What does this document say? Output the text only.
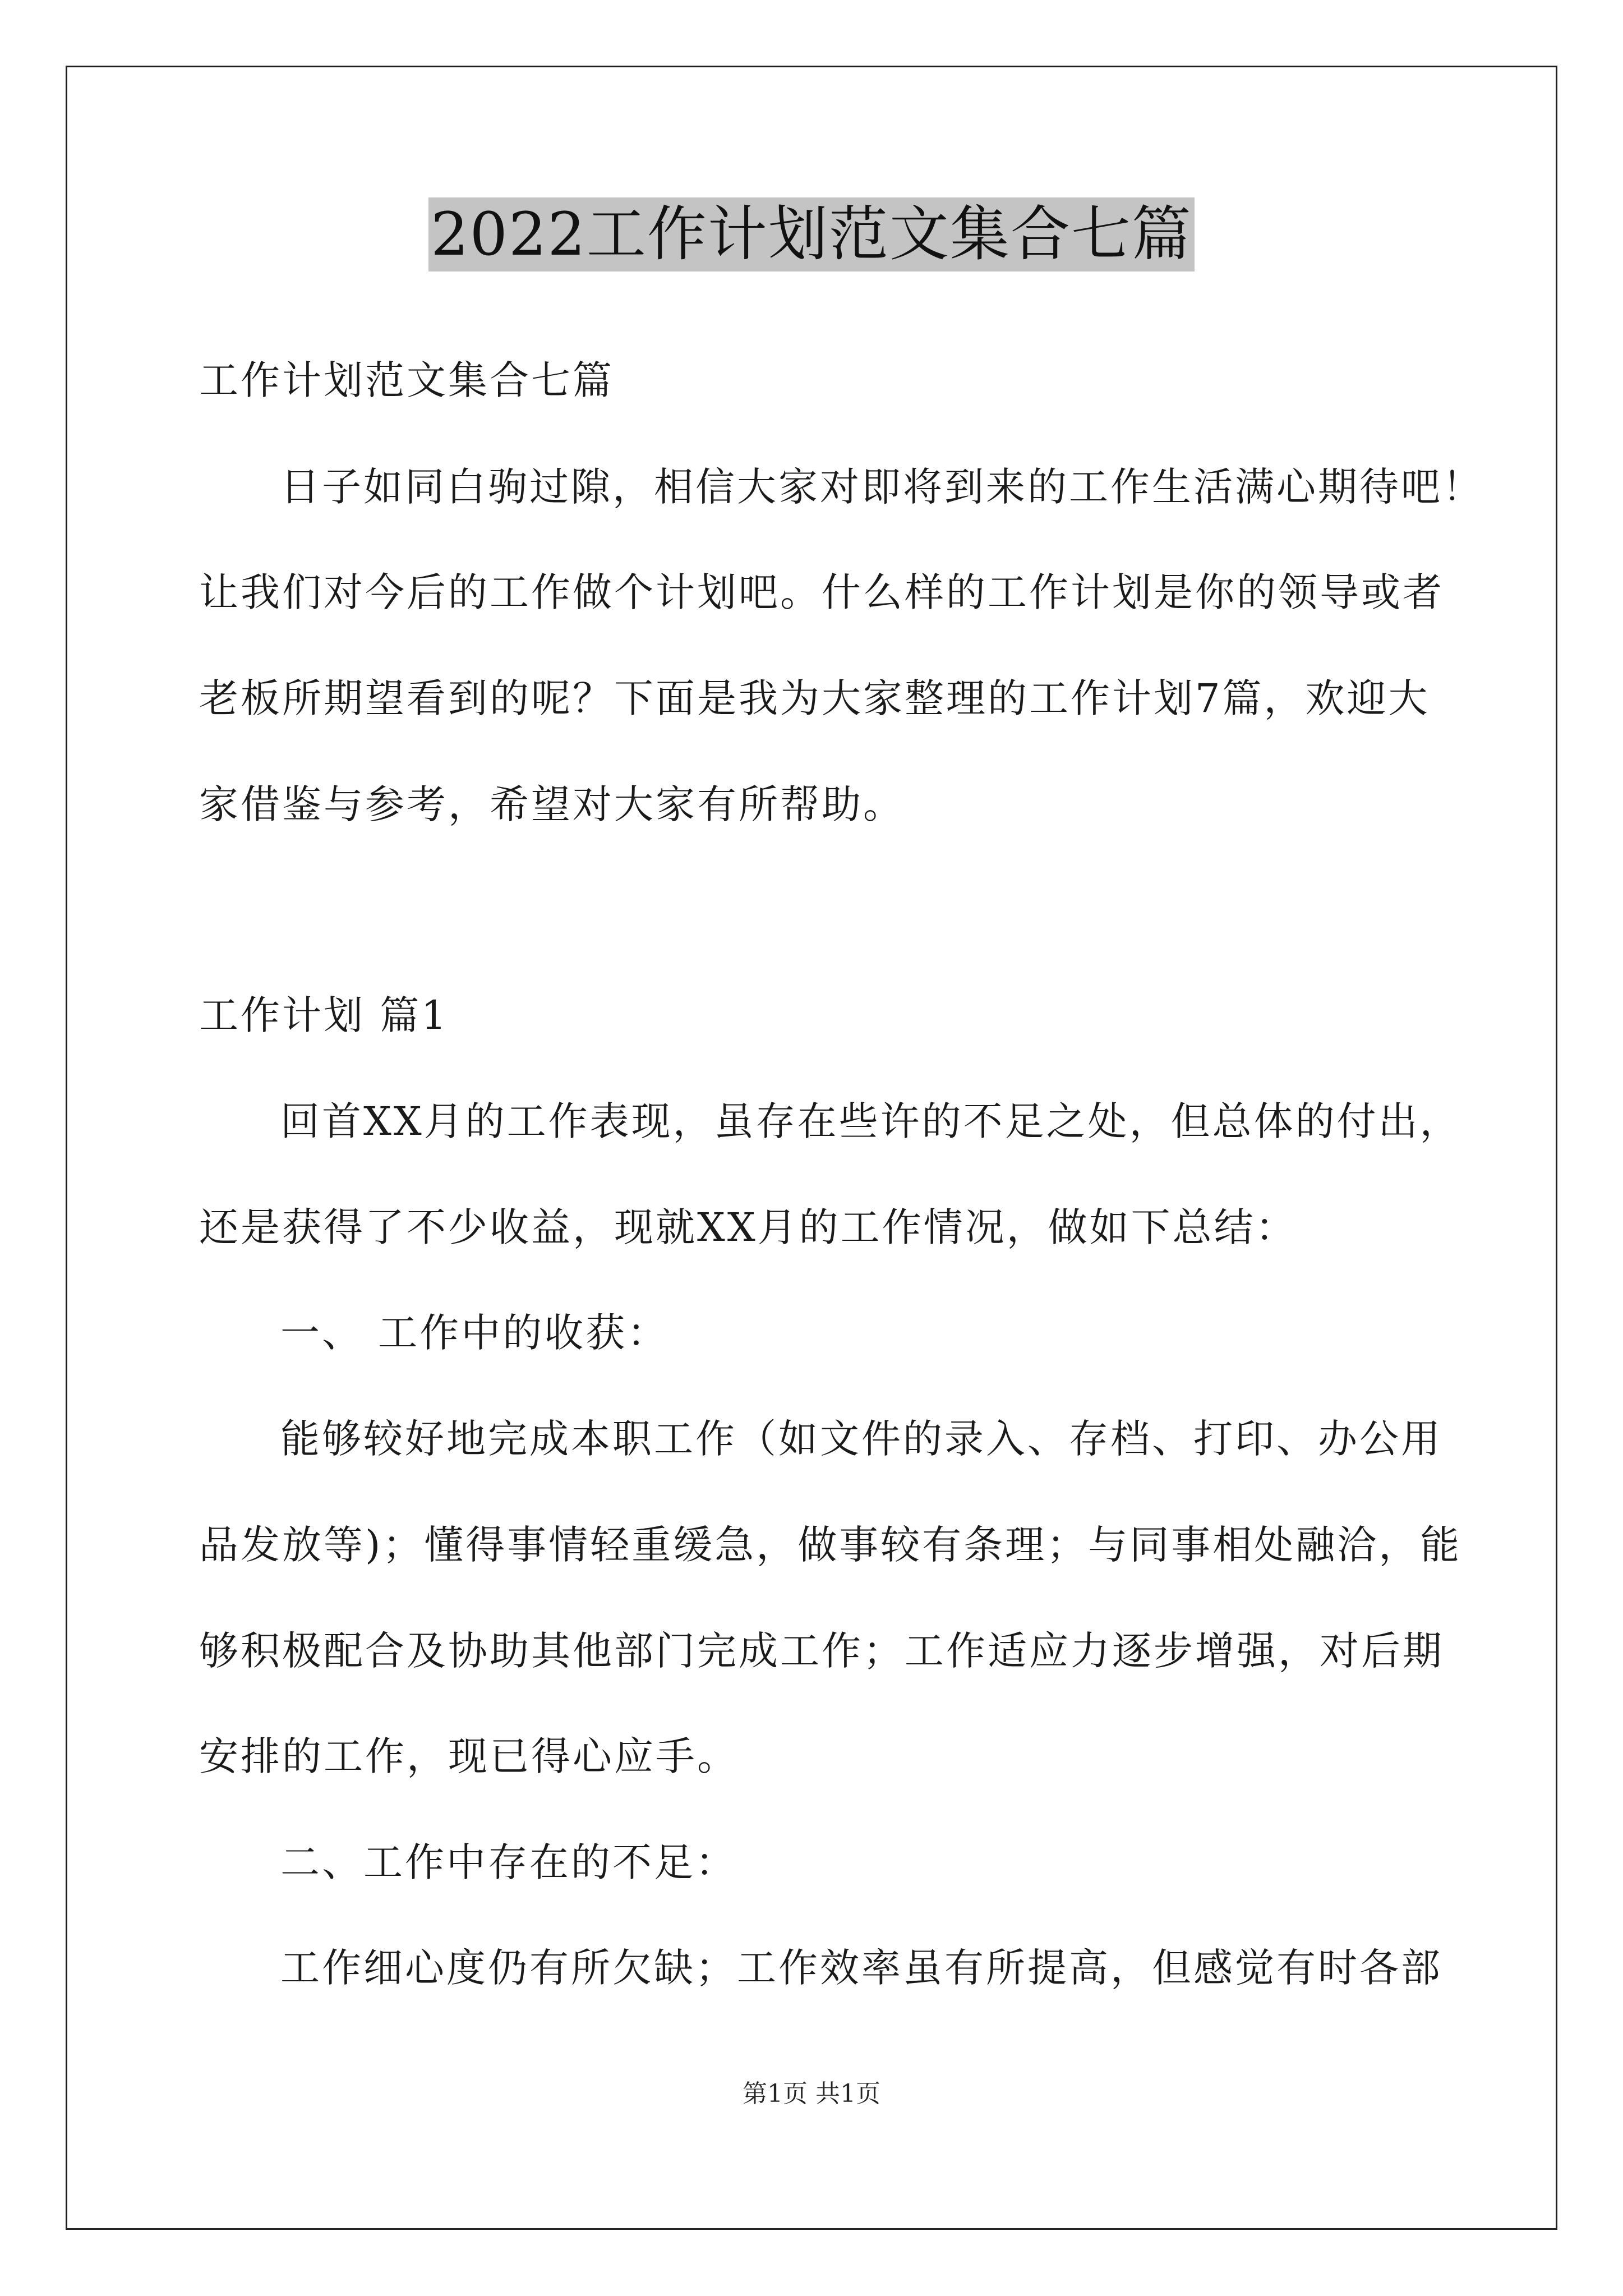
2022工作计划范文集合七篇
工作计划范文集合七篇
日子如同白驹过隙，相信大家对即将到来的工作生活满心期待吧！
让我们对今后的工作做个计划吧。什么样的工作计划是你的领导或者
老板所期望看到的呢？下面是我为大家整理的工作计划7篇，欢迎大
家借鉴与参考，希望对大家有所帮助。
工作计划 篇1
回首XX月的工作表现，虽存在些许的不足之处，但总体的付出，
还是获得了不少收益，现就XX月的工作情况，做如下总结：
一、 工作中的收获：
能够较好地完成本职工作（如文件的录入、存档、打印、办公用
品发放等)；懂得事情轻重缓急，做事较有条理；与同事相处融洽，能
够积极配合及协助其他部门完成工作；工作适应力逐步增强，对后期
安排的工作，现已得心应手。
二、工作中存在的不足：
工作细心度仍有所欠缺；工作效率虽有所提高，但感觉有时各部
第1页 共1页
